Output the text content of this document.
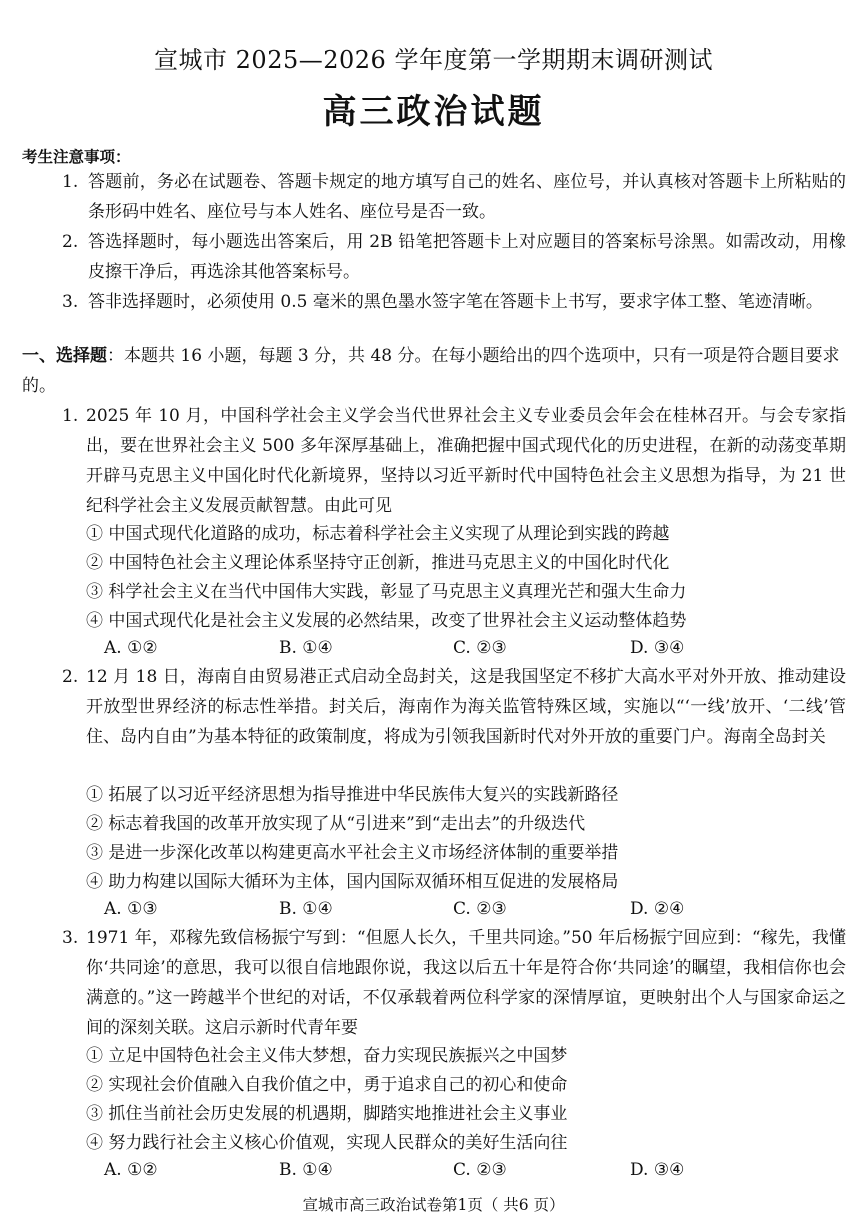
宣城市 2025—2026 学年度第一学期期末调研测试
高三政治试题
考生注意事项：
1. 答题前，务必在试题卷、答题卡规定的地方填写自己的姓名、座位号，并认真核对答题卡上所粘贴的条形码中姓名、座位号与本人姓名、座位号是否一致。
2. 答选择题时，每小题选出答案后，用 2B 铅笔把答题卡上对应题目的答案标号涂黑。如需改动，用橡皮擦干净后，再选涂其他答案标号。
3. 答非选择题时，必须使用 0.5 毫米的黑色墨水签字笔在答题卡上书写，要求字体工整、笔迹清晰。
一、选择题：本题共 16 小题，每题 3 分，共 48 分。在每小题给出的四个选项中，只有一项是符合题目要求的。
1. 2025 年 10 月，中国科学社会主义学会当代世界社会主义专业委员会年会在桂林召开。与会专家指出，要在世界社会主义 500 多年深厚基础上，准确把握中国式现代化的历史进程，在新的动荡变革期开辟马克思主义中国化时代化新境界，坚持以习近平新时代中国特色社会主义思想为指导，为 21 世纪科学社会主义发展贡献智慧。由此可见
① 中国式现代化道路的成功，标志着科学社会主义实现了从理论到实践的跨越
② 中国特色社会主义理论体系坚持守正创新，推进马克思主义的中国化时代化
③ 科学社会主义在当代中国伟大实践，彰显了马克思主义真理光芒和强大生命力
④ 中国式现代化是社会主义发展的必然结果，改变了世界社会主义运动整体趋势
A. ①②	B. ①④	C. ②③	D. ③④
2. 12 月 18 日，海南自由贸易港正式启动全岛封关，这是我国坚定不移扩大高水平对外开放、推动建设开放型世界经济的标志性举措。封关后，海南作为海关监管特殊区域，实施以“‘一线’放开、‘二线’管住、岛内自由”为基本特征的政策制度，将成为引领我国新时代对外开放的重要门户。海南全岛封关
① 拓展了以习近平经济思想为指导推进中华民族伟大复兴的实践新路径
② 标志着我国的改革开放实现了从“引进来”到“走出去”的升级迭代
③ 是进一步深化改革以构建更高水平社会主义市场经济体制的重要举措
④ 助力构建以国际大循环为主体，国内国际双循环相互促进的发展格局
A. ①③	B. ①④	C. ②③	D. ②④
3. 1971 年，邓稼先致信杨振宁写到：“但愿人长久，千里共同途。”50 年后杨振宁回应到：“稼先，我懂你‘共同途’的意思，我可以很自信地跟你说，我这以后五十年是符合你‘共同途’的瞩望，我相信你也会满意的。”这一跨越半个世纪的对话，不仅承载着两位科学家的深情厚谊，更映射出个人与国家命运之间的深刻关联。这启示新时代青年要
① 立足中国特色社会主义伟大梦想，奋力实现民族振兴之中国梦
② 实现社会价值融入自我价值之中，勇于追求自己的初心和使命
③ 抓住当前社会历史发展的机遇期，脚踏实地推进社会主义事业
④ 努力践行社会主义核心价值观，实现人民群众的美好生活向往
A. ①②	B. ①④	C. ②③	D. ③④
宣城市高三政治试卷第1页（ 共6 页）
